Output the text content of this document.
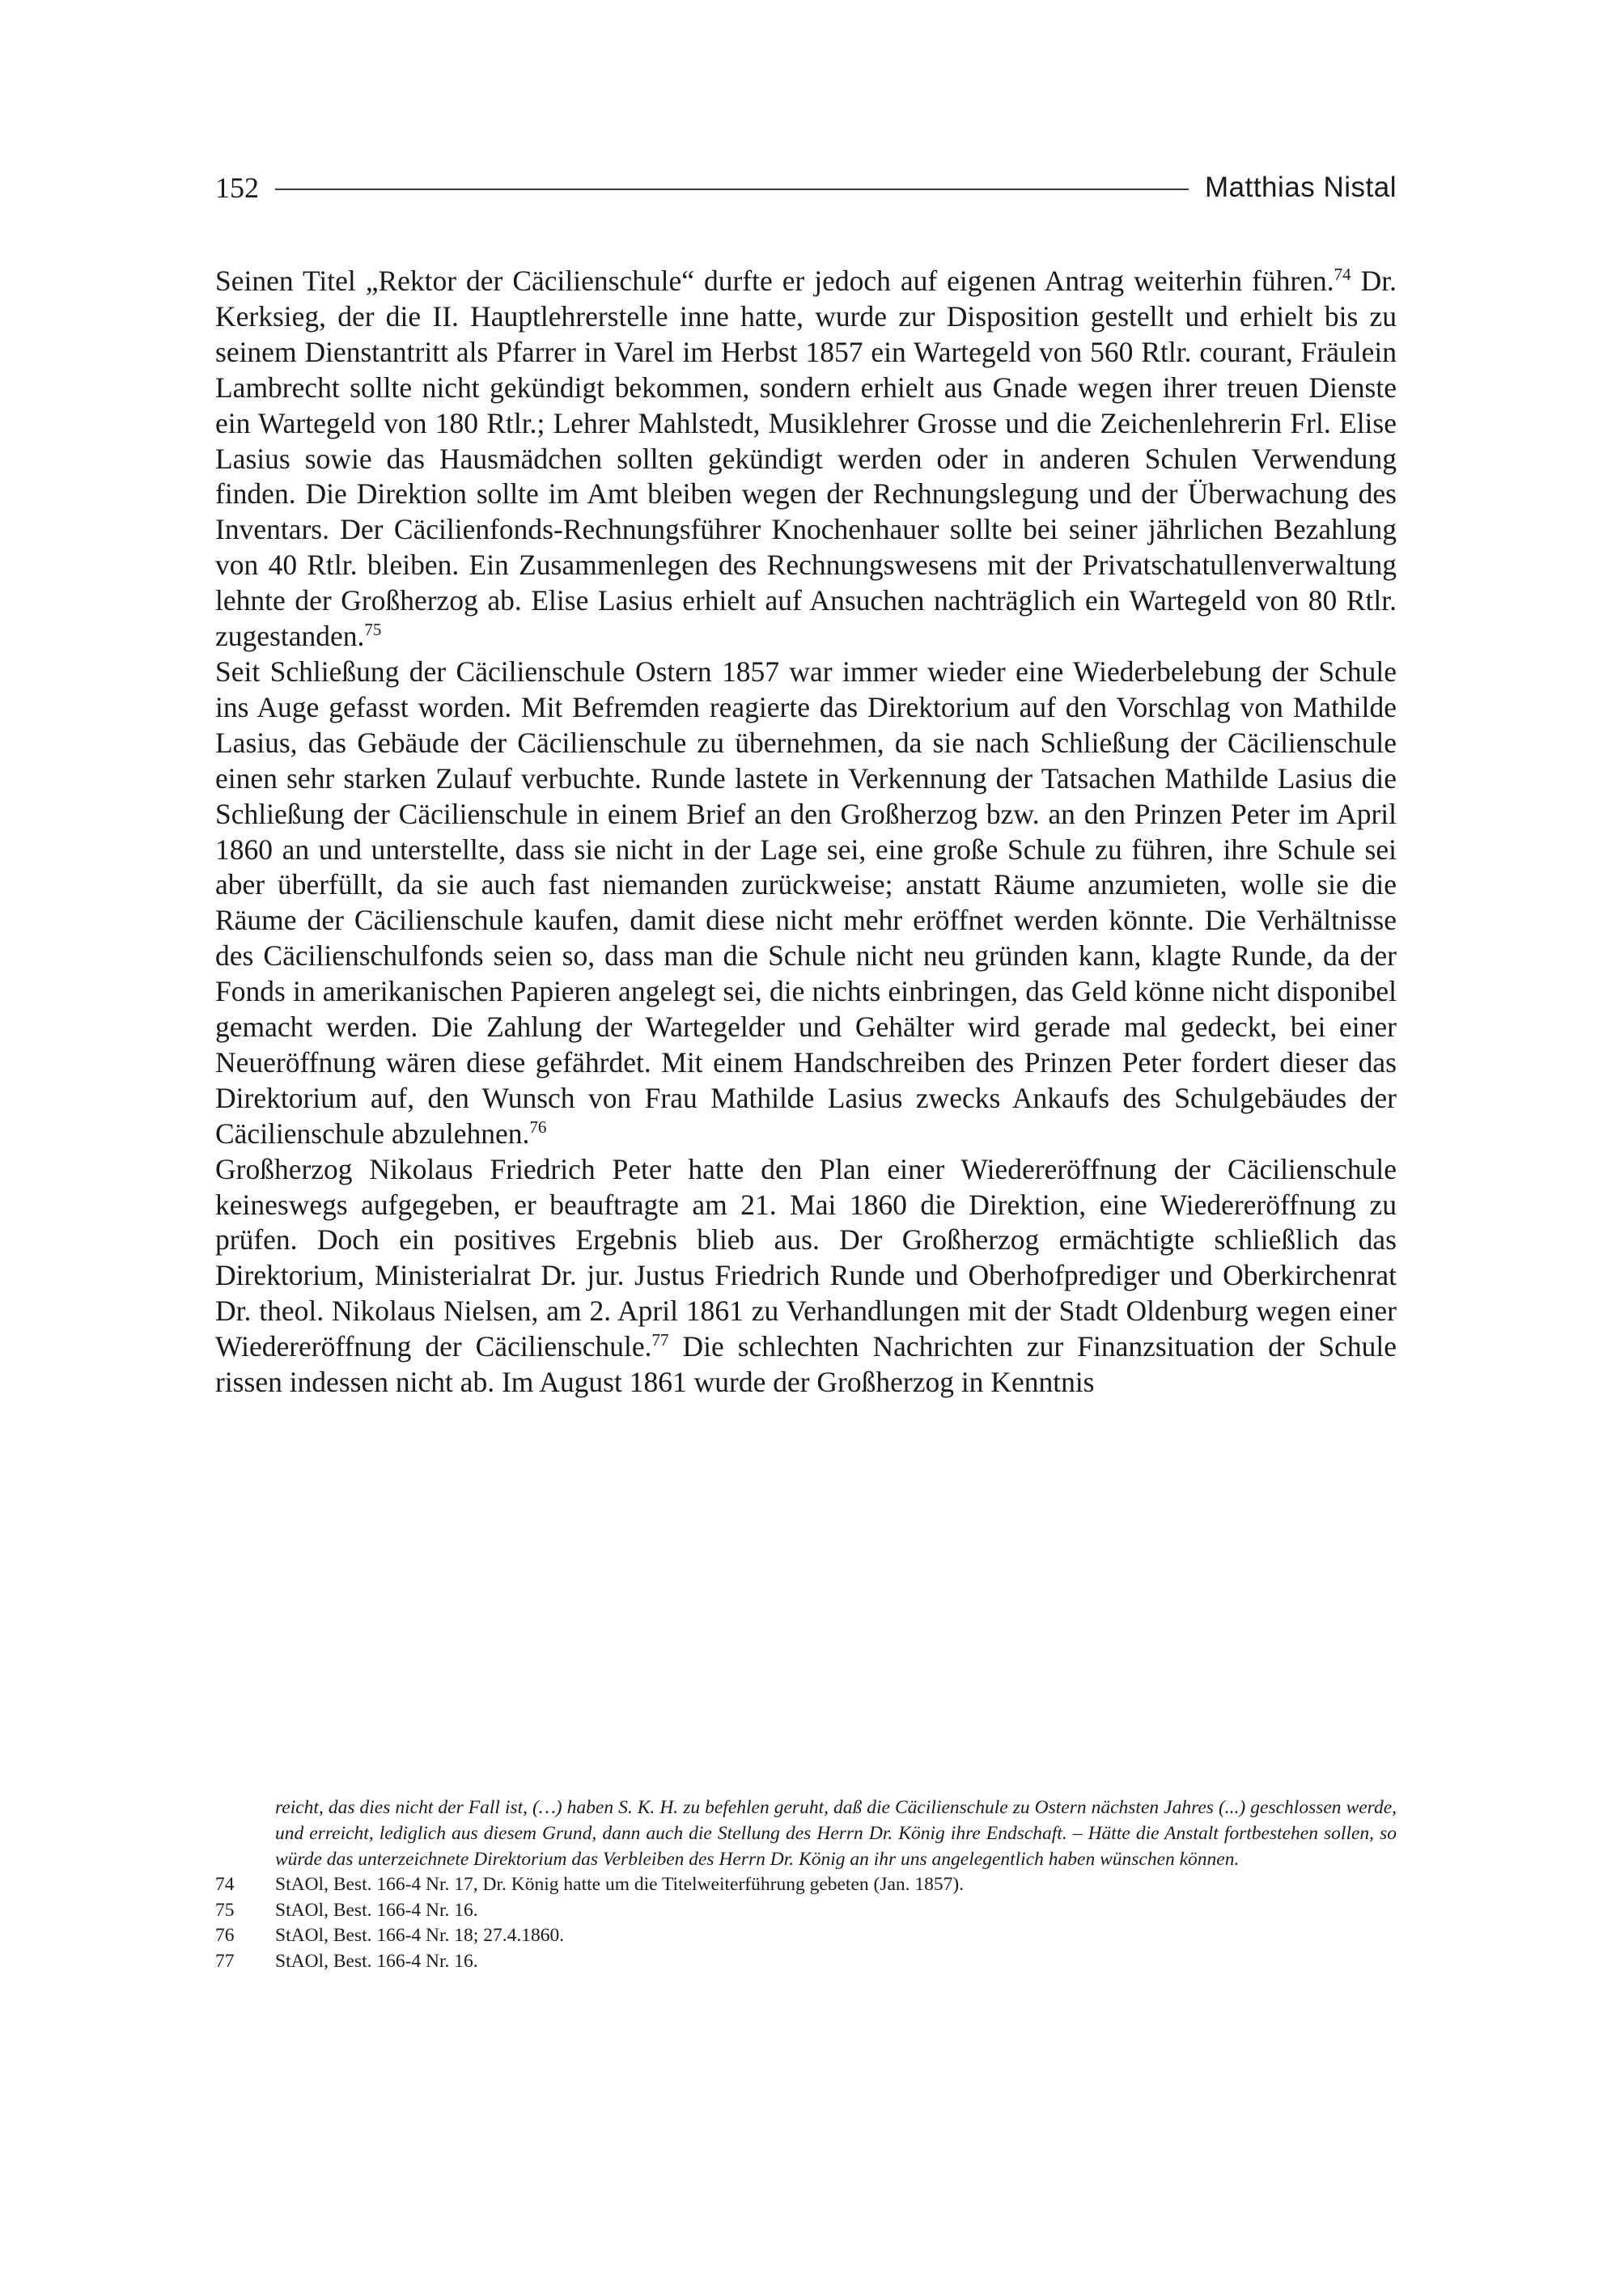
152	Matthias Nistal

Seinen Titel „Rektor der Cäcilienschule“ durfte er jedoch auf eigenen Antrag weiterhin führen.$^{74}$ Dr. Kerksieg, der die II. Hauptlehrerstelle inne hatte, wurde zur Disposition gestellt und erhielt bis zu seinem Dienstantritt als Pfarrer in Varel im Herbst 1857 ein Wartegeld von 560 Rtlr. courant, Fräulein Lambrecht sollte nicht gekündigt bekommen, sondern erhielt aus Gnade wegen ihrer treuen Dienste ein Wartegeld von 180 Rtlr.; Lehrer Mahlstedt, Musiklehrer Grosse und die Zeichenlehrerin Frl. Elise Lasius sowie das Hausmädchen sollten gekündigt werden oder in anderen Schulen Verwendung finden. Die Direktion sollte im Amt bleiben wegen der Rechnungslegung und der Überwachung des Inventars. Der Cäcilienfonds-Rechnungsführer Knochenhauer sollte bei seiner jährlichen Bezahlung von 40 Rtlr. bleiben. Ein Zusammenlegen des Rechnungswesens mit der Privatschatullenverwaltung lehnte der Großherzog ab. Elise Lasius erhielt auf Ansuchen nachträglich ein Wartegeld von 80 Rtlr. zugestanden.$^{75}$

Seit Schließung der Cäcilienschule Ostern 1857 war immer wieder eine Wiederbelebung der Schule ins Auge gefasst worden. Mit Befremden reagierte das Direktorium auf den Vorschlag von Mathilde Lasius, das Gebäude der Cäcilienschule zu übernehmen, da sie nach Schließung der Cäcilienschule einen sehr starken Zulauf verbuchte. Runde lastete in Verkennung der Tatsachen Mathilde Lasius die Schließung der Cäcilienschule in einem Brief an den Großherzog bzw. an den Prinzen Peter im April 1860 an und unterstellte, dass sie nicht in der Lage sei, eine große Schule zu führen, ihre Schule sei aber überfüllt, da sie auch fast niemanden zurückweise; anstatt Räume anzumieten, wolle sie die Räume der Cäcilienschule kaufen, damit diese nicht mehr eröffnet werden könnte. Die Verhältnisse des Cäcilienschulfonds seien so, dass man die Schule nicht neu gründen kann, klagte Runde, da der Fonds in amerikanischen Papieren angelegt sei, die nichts einbringen, das Geld könne nicht disponibel gemacht werden. Die Zahlung der Wartegelder und Gehälter wird gerade mal gedeckt, bei einer Neueröffnung wären diese gefährdet. Mit einem Handschreiben des Prinzen Peter fordert dieser das Direktorium auf, den Wunsch von Frau Mathilde Lasius zwecks Ankaufs des Schulgebäudes der Cäcilienschule abzulehnen.$^{76}$

Großherzog Nikolaus Friedrich Peter hatte den Plan einer Wiedereröffnung der Cäcilienschule keineswegs aufgegeben, er beauftragte am 21. Mai 1860 die Direktion, eine Wiedereröffnung zu prüfen. Doch ein positives Ergebnis blieb aus. Der Großherzog ermächtigte schließlich das Direktorium, Ministerialrat Dr. jur. Justus Friedrich Runde und Oberhofprediger und Oberkirchenrat Dr. theol. Nikolaus Nielsen, am 2. April 1861 zu Verhandlungen mit der Stadt Oldenburg wegen einer Wiedereröffnung der Cäcilienschule.$^{77}$ Die schlechten Nachrichten zur Finanzsituation der Schule rissen indessen nicht ab. Im August 1861 wurde der Großherzog in Kenntnis

reicht, das dies nicht der Fall ist, (…) haben S. K. H. zu befehlen geruht, daß die Cäcilienschule zu Ostern nächsten Jahres (...) geschlossen werde, und erreicht, lediglich aus diesem Grund, dann auch die Stellung des Herrn Dr. König ihre Endschaft. – Hätte die Anstalt fortbestehen sollen, so würde das unterzeichnete Direktorium das Verbleiben des Herrn Dr. König an ihr uns angelegentlich haben wünschen können.

74	StAOl, Best. 166-4 Nr. 17, Dr. König hatte um die Titelweiterführung gebeten (Jan. 1857).
75	StAOl, Best. 166-4 Nr. 16.
76	StAOl, Best. 166-4 Nr. 18; 27.4.1860.
77	StAOl, Best. 166-4 Nr. 16.
